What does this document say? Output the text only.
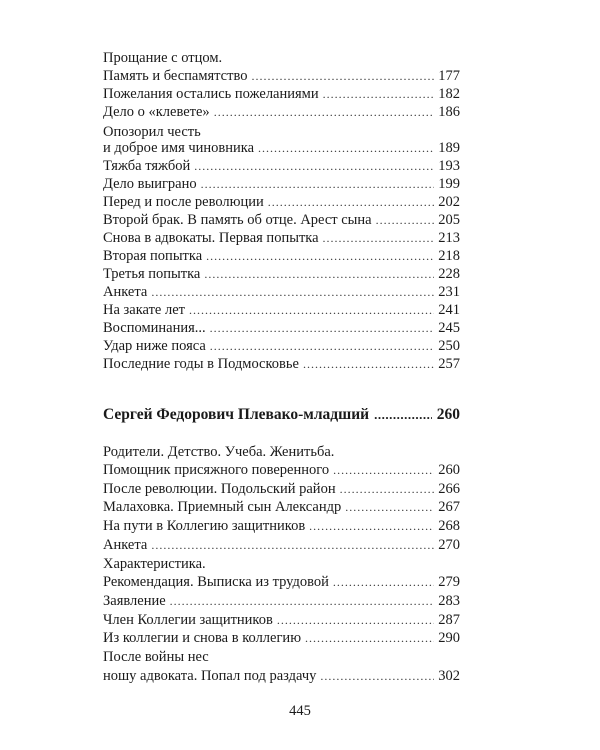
Прощание с отцом.
Память и беспамятство .....	177
Пожелания остались пожеланиями .....	182
Дело о «клевете» .....	186
Опозорил честь
и доброе имя чиновника .....	189
Тяжба тяжбой .....	193
Дело выиграно .....	199
Перед и после революции .....	202
Второй брак. В память об отце. Арест сына .....	205
Снова в адвокаты. Первая попытка .....	213
Вторая попытка .....	218
Третья попытка .....	228
Анкета .....	231
На закате лет .....	241
Воспоминания... .....	245
Удар ниже пояса .....	250
Последние годы в Подмосковье .....	257
Сергей Федорович Плевако-младший .....	260
Родители. Детство. Учеба. Женитьба.
Помощник присяжного поверенного .....	260
После революции. Подольский район .....	266
Малаховка. Приемный сын Александр .....	267
На пути в Коллегию защитников .....	268
Анкета .....	270
Характеристика.
Рекомендация. Выписка из трудовой .....	279
Заявление .....	283
Член Коллегии защитников .....	287
Из коллегии и снова в коллегию .....	290
После войны нес
ношу адвоката. Попал под раздачу .....	302
445
